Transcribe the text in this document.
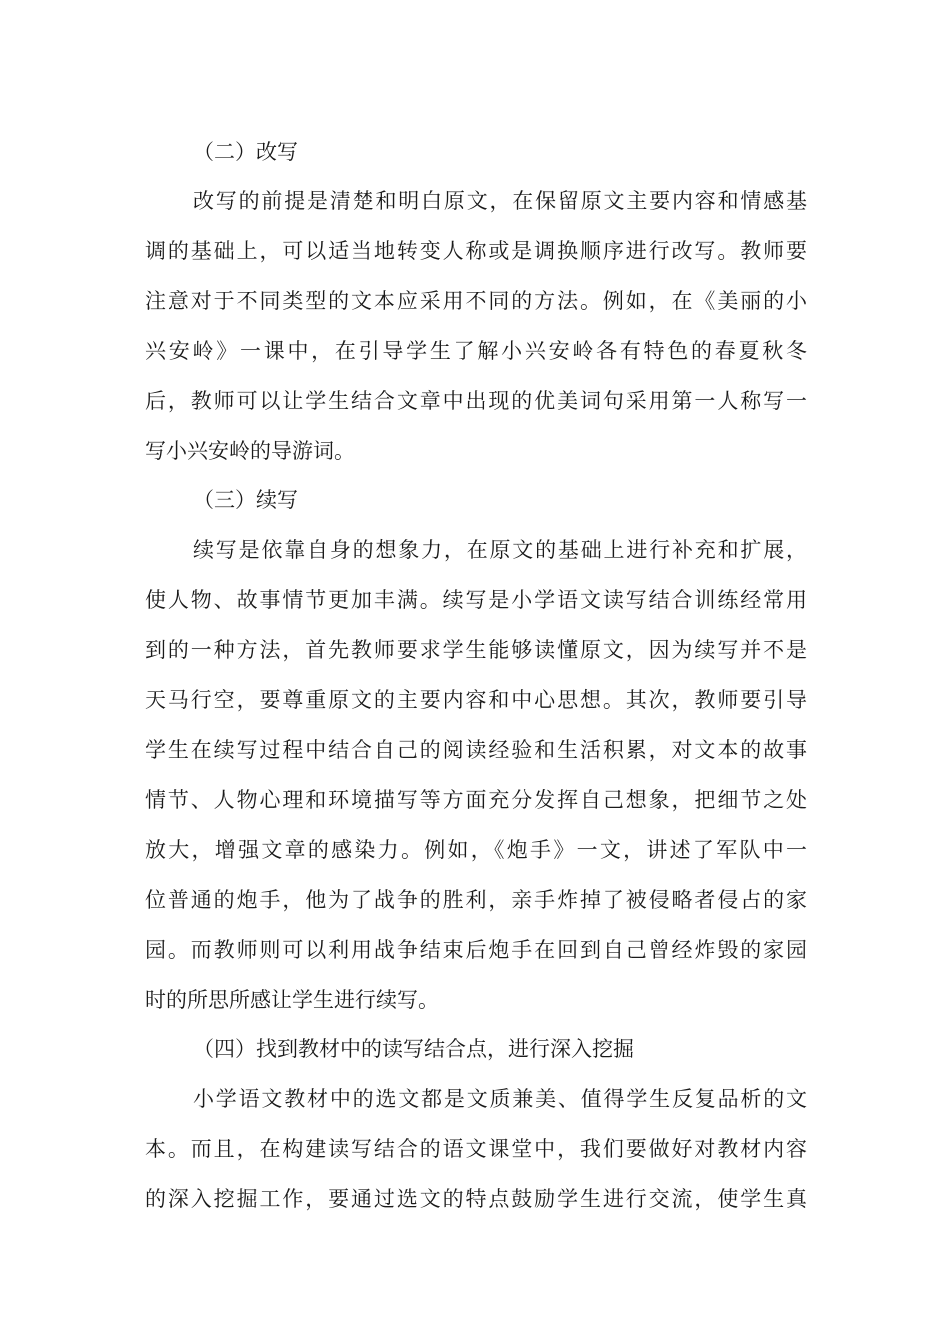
（二）改写
改写的前提是清楚和明白原文，在保留原文主要内容和情感基
调的基础上，可以适当地转变人称或是调换顺序进行改写。教师要
注意对于不同类型的文本应采用不同的方法。例如，在《美丽的小
兴安岭》一课中，在引导学生了解小兴安岭各有特色的春夏秋冬
后，教师可以让学生结合文章中出现的优美词句采用第一人称写一
写小兴安岭的导游词。
（三）续写
续写是依靠自身的想象力，在原文的基础上进行补充和扩展，
使人物、故事情节更加丰满。续写是小学语文读写结合训练经常用
到的一种方法，首先教师要求学生能够读懂原文，因为续写并不是
天马行空，要尊重原文的主要内容和中心思想。其次，教师要引导
学生在续写过程中结合自己的阅读经验和生活积累，对文本的故事
情节、人物心理和环境描写等方面充分发挥自己想象，把细节之处
放大，增强文章的感染力。例如，《炮手》一文，讲述了军队中一
位普通的炮手，他为了战争的胜利，亲手炸掉了被侵略者侵占的家
园。而教师则可以利用战争结束后炮手在回到自己曾经炸毁的家园
时的所思所感让学生进行续写。
（四）找到教材中的读写结合点，进行深入挖掘
小学语文教材中的选文都是文质兼美、值得学生反复品析的文
本。而且，在构建读写结合的语文课堂中，我们要做好对教材内容
的深入挖掘工作，要通过选文的特点鼓励学生进行交流，使学生真
